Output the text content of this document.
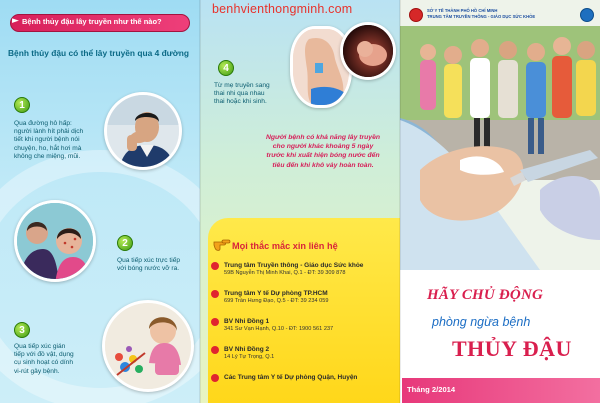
► Bệnh thủy đậu lây truyền như thế nào?
Bệnh thủy đậu có thể lây truyền qua 4 đường
1
Qua đường hô hấp:
người lành hít phải dịch
tiết khi người bệnh nói
chuyện, ho, hắt hơi mà
không che miệng, mũi.
2
Qua tiếp xúc trực tiếp
với bóng nước vỡ ra.
3
Qua tiếp xúc gián
tiếp với đồ vật, dụng
cụ sinh hoạt có dính
vi-rút gây bệnh.
benhvienthongminh.com
4
Từ mẹ truyền sang
thai nhi qua nhau
thai hoặc khi sinh.
Người bệnh có khả năng lây truyền
cho người khác khoảng 5 ngày
trước khi xuất hiện bóng nước đến
tiêu đến khi khô vảy hoàn toàn.
Mọi thắc mắc xin liên hệ
Trung tâm Truyền thông - Giáo dục Sức khỏe
59B Nguyễn Thị Minh Khai, Q.1 - ĐT: 39 309 878
Trung tâm Y tế Dự phòng TP.HCM
699 Trần Hưng Đạo, Q.5 - ĐT: 39 234 059
BV Nhi Đồng 1
341 Sư Vạn Hạnh, Q.10 - ĐT: 1900 561 237
BV Nhi Đồng 2
14 Lý Tự Trọng, Q.1
Các Trung tâm Y tế Dự phòng Quận, Huyện
SỞ Y TẾ THÀNH PHỐ HỒ CHÍ MINH
TRUNG TÂM TRUYỀN THÔNG - GIÁO DỤC SỨC KHỎE
HÃY CHỦ ĐỘNG
phòng ngừa bệnh
THỦY ĐẬU
Tháng 2/2014
